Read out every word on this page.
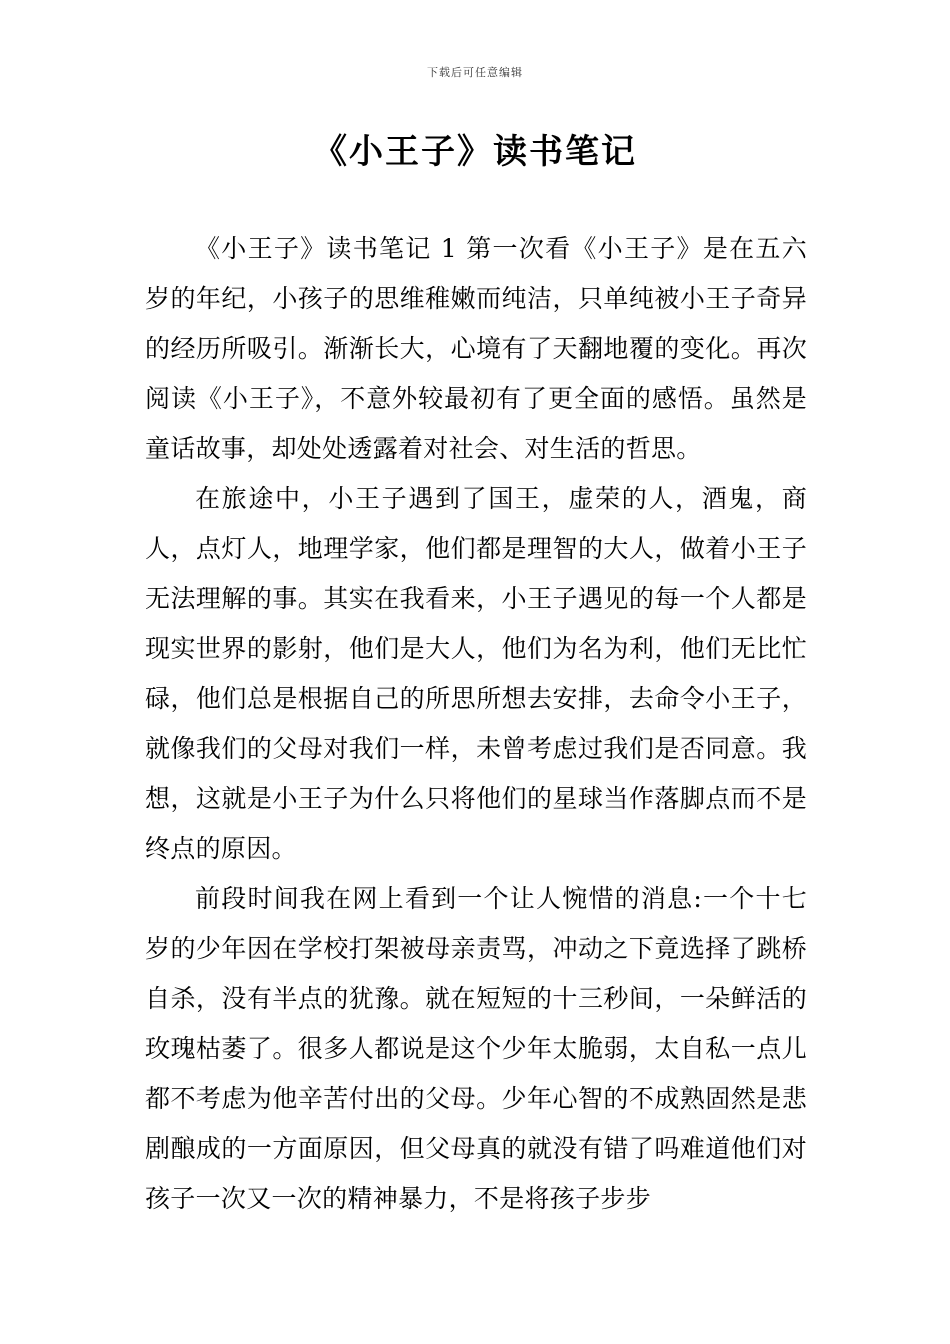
下载后可任意编辑
《小王子》读书笔记

《小王子》读书笔记 1 第一次看《小王子》是在五六岁的年纪，小孩子的思维稚嫩而纯洁，只单纯被小王子奇异的经历所吸引。渐渐长大，心境有了天翻地覆的变化。再次阅读《小王子》，不意外较最初有了更全面的感悟。虽然是童话故事，却处处透露着对社会、对生活的哲思。

在旅途中，小王子遇到了国王，虚荣的人，酒鬼，商人，点灯人，地理学家，他们都是理智的大人，做着小王子无法理解的事。其实在我看来，小王子遇见的每一个人都是现实世界的影射，他们是大人，他们为名为利，他们无比忙碌，他们总是根据自己的所思所想去安排，去命令小王子，就像我们的父母对我们一样，未曾考虑过我们是否同意。我想，这就是小王子为什么只将他们的星球当作落脚点而不是终点的原因。

前段时间我在网上看到一个让人惋惜的消息:一个十七岁的少年因在学校打架被母亲责骂，冲动之下竟选择了跳桥自杀，没有半点的犹豫。就在短短的十三秒间，一朵鲜活的玫瑰枯萎了。很多人都说是这个少年太脆弱，太自私一点儿都不考虑为他辛苦付出的父母。少年心智的不成熟固然是悲剧酿成的一方面原因，但父母真的就没有错了吗难道他们对孩子一次又一次的精神暴力，不是将孩子步步
